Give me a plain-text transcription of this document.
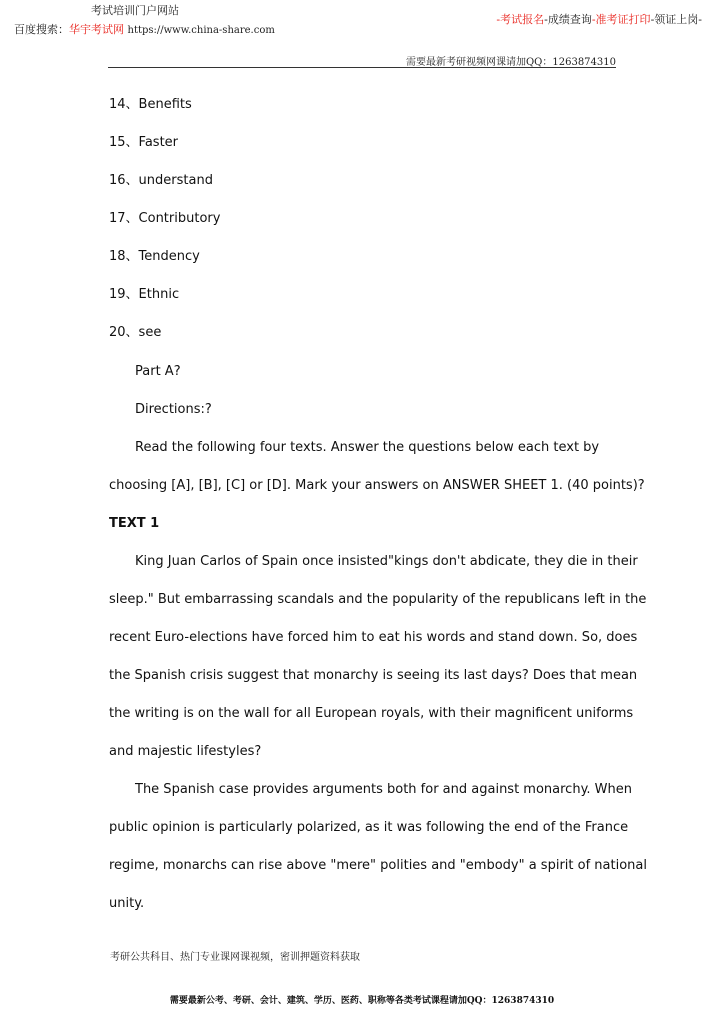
考试培训门户网站
百度搜索：华宇考试网 https://www.china-share.com
-考试报名-成绩查询-准考证打印-领证上岗-
需要最新考研视频网课请加QQ：1263874310
14、Benefits
15、Faster
16、understand
17、Contributory
18、Tendency
19、Ethnic
20、see
Part A?
Directions:?
Read the following four texts. Answer the questions below each text by
choosing [A], [B], [C] or [D]. Mark your answers on ANSWER SHEET 1. (40 points)?
TEXT 1
King Juan Carlos of Spain once insisted"kings don't abdicate, they die in their
sleep." But embarrassing scandals and the popularity of the republicans left in the
recent Euro-elections have forced him to eat his words and stand down. So, does
the Spanish crisis suggest that monarchy is seeing its last days? Does that mean
the writing is on the wall for all European royals, with their magnificent uniforms
and majestic lifestyles?
The Spanish case provides arguments both for and against monarchy. When
public opinion is particularly polarized, as it was following the end of the France
regime, monarchs can rise above "mere" polities and "embody" a spirit of national
unity.
考研公共科目、热门专业课网课视频，密训押题资料获取
需要最新公考、考研、会计、建筑、学历、医药、职称等各类考试课程请加QQ：1263874310
